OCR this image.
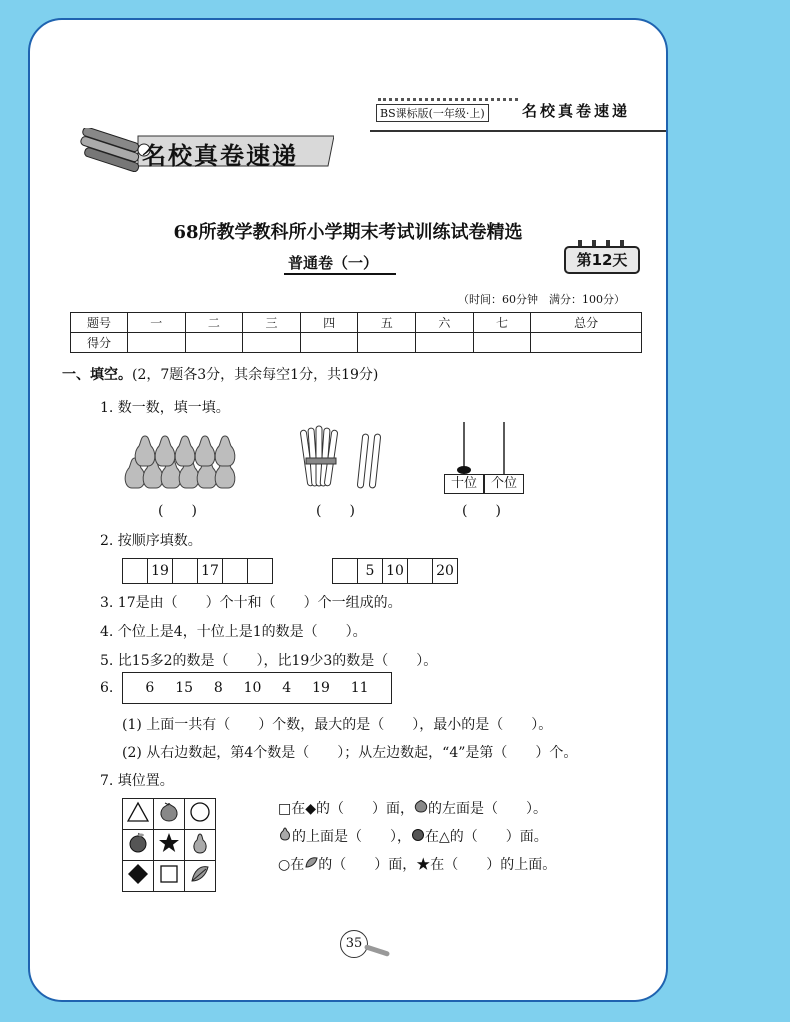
BS课标版(一年级·上) 名校真卷速递
名校真卷速递
68所教学教科所小学期末考试训练试卷精选
普通卷（一）	第12天
（时间：60分钟　满分：100分）
题号	一	二	三	四	五	六	七	总分
得分								
一、填空。(2，7题各3分，其余每空1分，共19分)
1. 数一数，填一填。
十位	个位
(　　)	(　　)	(　　)
2. 按顺序填数。
	19		17		
		5	10		20
3. 17是由（　　）个十和（　　）个一组成的。
4. 个位上是4，十位上是1的数是（　　）。
5. 比15多2的数是（　　），比19少3的数是（　　）。
6. 6 15 8 10 4 19 11
(1) 上面一共有（　　）个数，最大的是（　　），最小的是（　　）。
(2) 从右边数起，第4个数是（　　）；从左边数起，“4”是第（　　）个。
7. 填位置。

□在◆的（　　）面， 的左面是（　　）。
的上面是（　　）， 在△的（　　）面。
○在 的（　　）面，★在（　　）的上面。
35
